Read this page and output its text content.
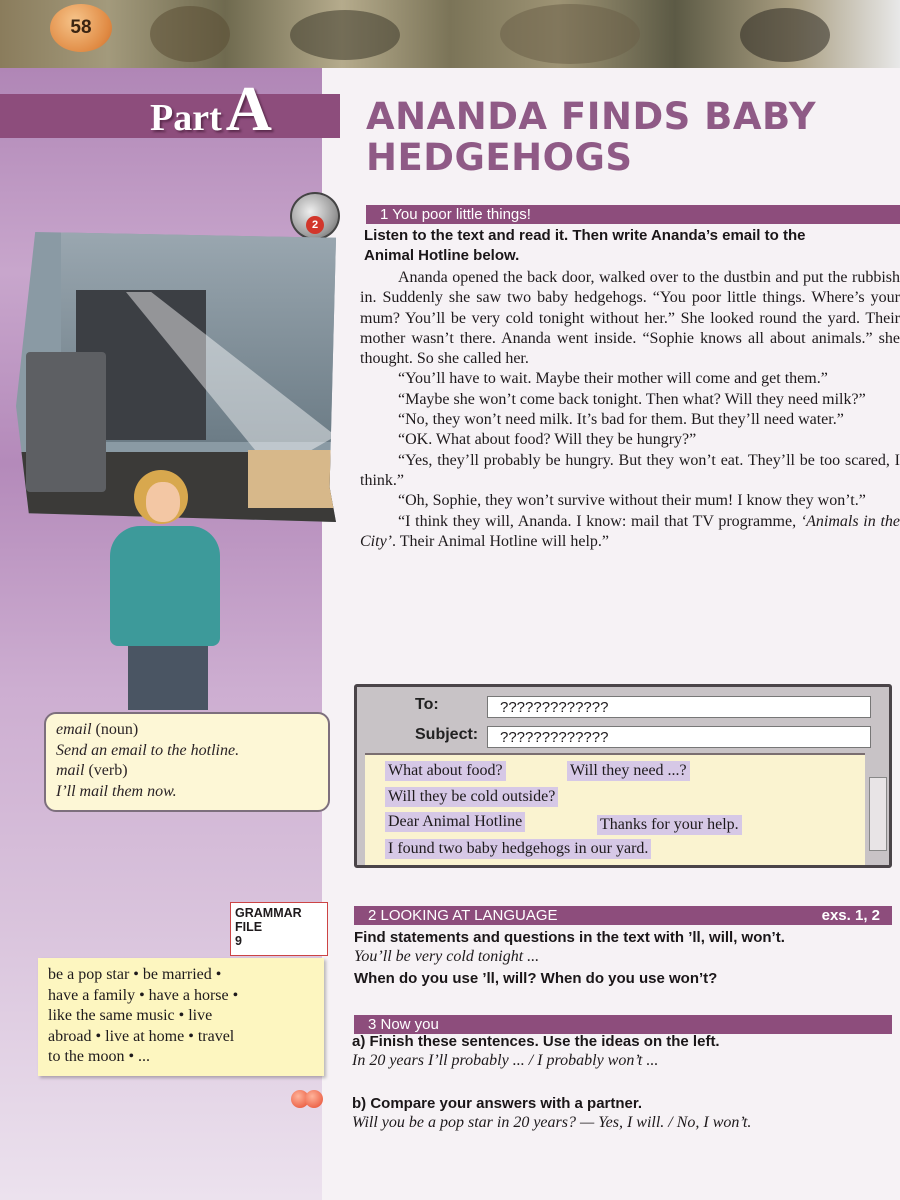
58
Part A	ANANDA FINDS BABY HEDGEHOGS
2
1 You poor little things!

Listen to the text and read it. Then write Ananda’s email to the Animal Hotline below.

Ananda opened the back door, walked over to the dustbin and put the rubbish in. Suddenly she saw two baby hedgehogs. “You poor little things. Where’s your mum? You’ll be very cold tonight without her.” She looked round the yard. Their mother wasn’t there. Ananda went inside. “Sophie knows all about animals.” she thought. So she called her.

“You’ll have to wait. Maybe their mother will come and get them.”

“Maybe she won’t come back tonight. Then what? Will they need milk?”

“No, they won’t need milk. It’s bad for them. But they’ll need water.”

“OK. What about food? Will they be hungry?”

“Yes, they’ll probably be hungry. But they won’t eat. They’ll be too scared, I think.”

“Oh, Sophie, they won’t survive without their mum! I know they won’t.”

“I think they will, Ananda. I know: mail that TV programme, ‘Animals in the City’. Their Animal Hotline will help.”

email (noun)
Send an email to the hotline.
mail (verb)
I’ll mail them now.
To:	?????????????
Subject:	?????????????
What about food?	Will they need ...?
Will they be cold outside?
Dear Animal Hotline	Thanks for your help.
I found two baby hedgehogs in our yard.
GRAMMAR
FILE
9
2 LOOKING AT LANGUAGE	exs. 1, 2

Find statements and questions in the text with ’ll, will, won’t.

You’ll be very cold tonight ...

When do you use ’ll, will? When do you use won’t?

be a pop star • be married •
have a family • have a horse •
like the same music • live
abroad • live at home • travel
to the moon • ...
3 Now you

a) Finish these sentences. Use the ideas on the left.

In 20 years I’ll probably ... / I probably won’t ...

b) Compare your answers with a partner.

Will you be a pop star in 20 years? — Yes, I will. / No, I won’t.
